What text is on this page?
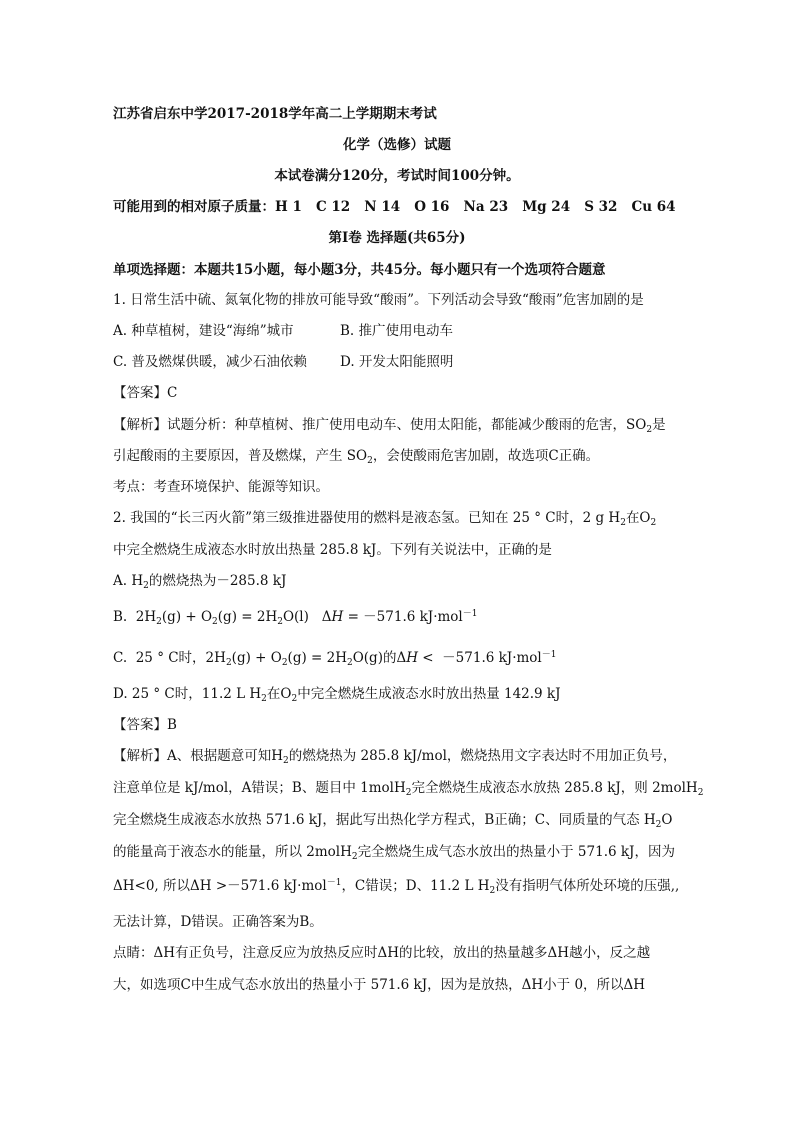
江苏省启东中学2017-2018学年高二上学期期末考试
化学（选修）试题
本试卷满分120分，考试时间100分钟。
可能用到的相对原子质量：H 1   C 12   N 14   O 16   Na 23   Mg 24   S 32   Cu 64
第Ⅰ卷 选择题(共65分)
单项选择题：本题共15小题，每小题3分，共45分。每小题只有一个选项符合题意
1. 日常生活中硫、氮氧化物的排放可能导致“酸雨”。下列活动会导致“酸雨”危害加剧的是
A. 种草植树，建设“海绵”城市	B. 推广使用电动车
C. 普及燃煤供暖，减少石油依赖 D. 开发太阳能照明
【答案】C
【解析】试题分析：种草植树、推广使用电动车、使用太阳能，都能减少酸雨的危害，$SO_2$是
引起酸雨的主要原因，普及燃煤，产生 $SO_2$，会使酸雨危害加剧，故选项C正确。
考点：考查环境保护、能源等知识。
2. 我国的“长三丙火箭”第三级推进器使用的燃料是液态氢。已知在 25 ° C时，2 g $H_2$在$O_2$
中完全燃烧生成液态水时放出热量 285.8 kJ。下列有关说法中，正确的是
A. $H_2$的燃烧热为－285.8 kJ
B.  $2H_2(g) + O_2(g) = 2H_2O(l) \Delta H = -571.6$ kJ·mol$^{-1}$
C.  25 ° C时，$2H_2(g) + O_2(g) = 2H_2O(g)$的ΔH <  －571.6 kJ·mol$^{-1}$
D. 25 ° C时，11.2 L $H_2$在$O_2$中完全燃烧生成液态水时放出热量 142.9 kJ
【答案】B
【解析】A、根据题意可知$H_2$的燃烧热为 285.8 kJ/mol，燃烧热用文字表达时不用加正负号，
注意单位是 kJ/mol，A错误；B、题目中 1molH$_2$完全燃烧生成液态水放热 285.8 kJ，则 2molH$_2$
完全燃烧生成液态水放热 571.6 kJ，据此写出热化学方程式，B正确；C、同质量的气态 $H_2O$
的能量高于液态水的能量，所以 2molH$_2$完全燃烧生成气态水放出的热量小于 571.6 kJ，因为
ΔH<0, 所以ΔH >－571.6 kJ·mol$^{-1}$，C错误；D、11.2 L $H_2$没有指明气体所处环境的压强,,
无法计算，D错误。正确答案为B。
点睛：ΔH有正负号，注意反应为放热反应时ΔH的比较，放出的热量越多ΔH越小，反之越
大，如选项C中生成气态水放出的热量小于 571.6 kJ，因为是放热，ΔH小于 0，所以ΔH
